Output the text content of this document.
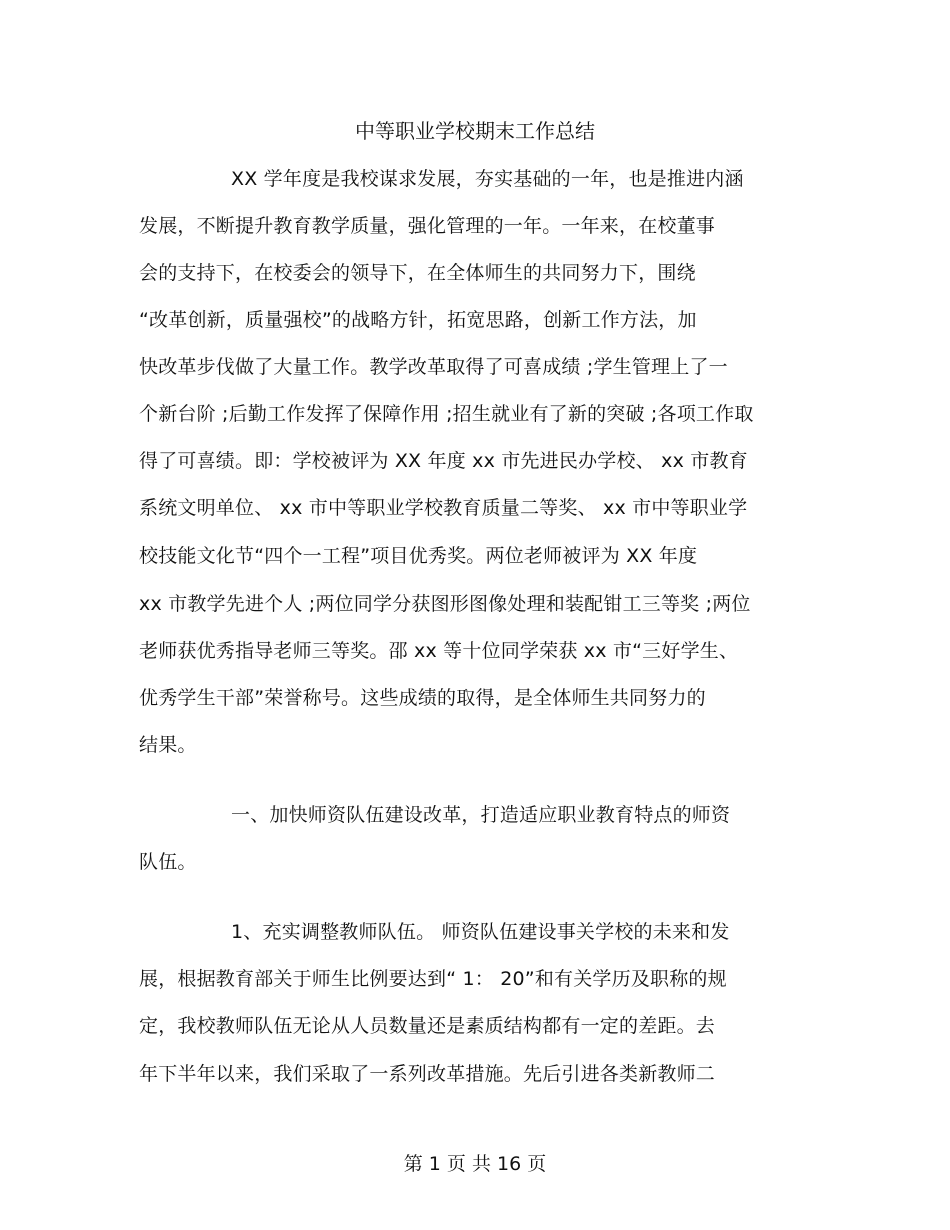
中等职业学校期末工作总结
XX 学年度是我校谋求发展，夯实基础的一年，也是推进内涵
发展，不断提升教育教学质量，强化管理的一年。一年来，在校董事
会的支持下，在校委会的领导下，在全体师生的共同努力下，围绕
“改革创新，质量强校”的战略方针，拓宽思路，创新工作方法，加
快改革步伐做了大量工作。教学改革取得了可喜成绩 ;学生管理上了一
个新台阶 ;后勤工作发挥了保障作用 ;招生就业有了新的突破 ;各项工作取
得了可喜绩。即：学校被评为 XX 年度 xx 市先进民办学校、 xx 市教育
系统文明单位、 xx 市中等职业学校教育质量二等奖、 xx 市中等职业学
校技能文化节“四个一工程”项目优秀奖。两位老师被评为 XX 年度
xx 市教学先进个人 ;两位同学分获图形图像处理和装配钳工三等奖 ;两位
老师获优秀指导老师三等奖。邵 xx 等十位同学荣获 xx 市“三好学生、
优秀学生干部”荣誉称号。这些成绩的取得，是全体师生共同努力的
结果。
一、加快师资队伍建设改革，打造适应职业教育特点的师资
队伍。
1、充实调整教师队伍。 师资队伍建设事关学校的未来和发
展，根据教育部关于师生比例要达到“ 1： 20”和有关学历及职称的规
定，我校教师队伍无论从人员数量还是素质结构都有一定的差距。去
年下半年以来，我们采取了一系列改革措施。先后引进各类新教师二
第 1 页 共 16 页
